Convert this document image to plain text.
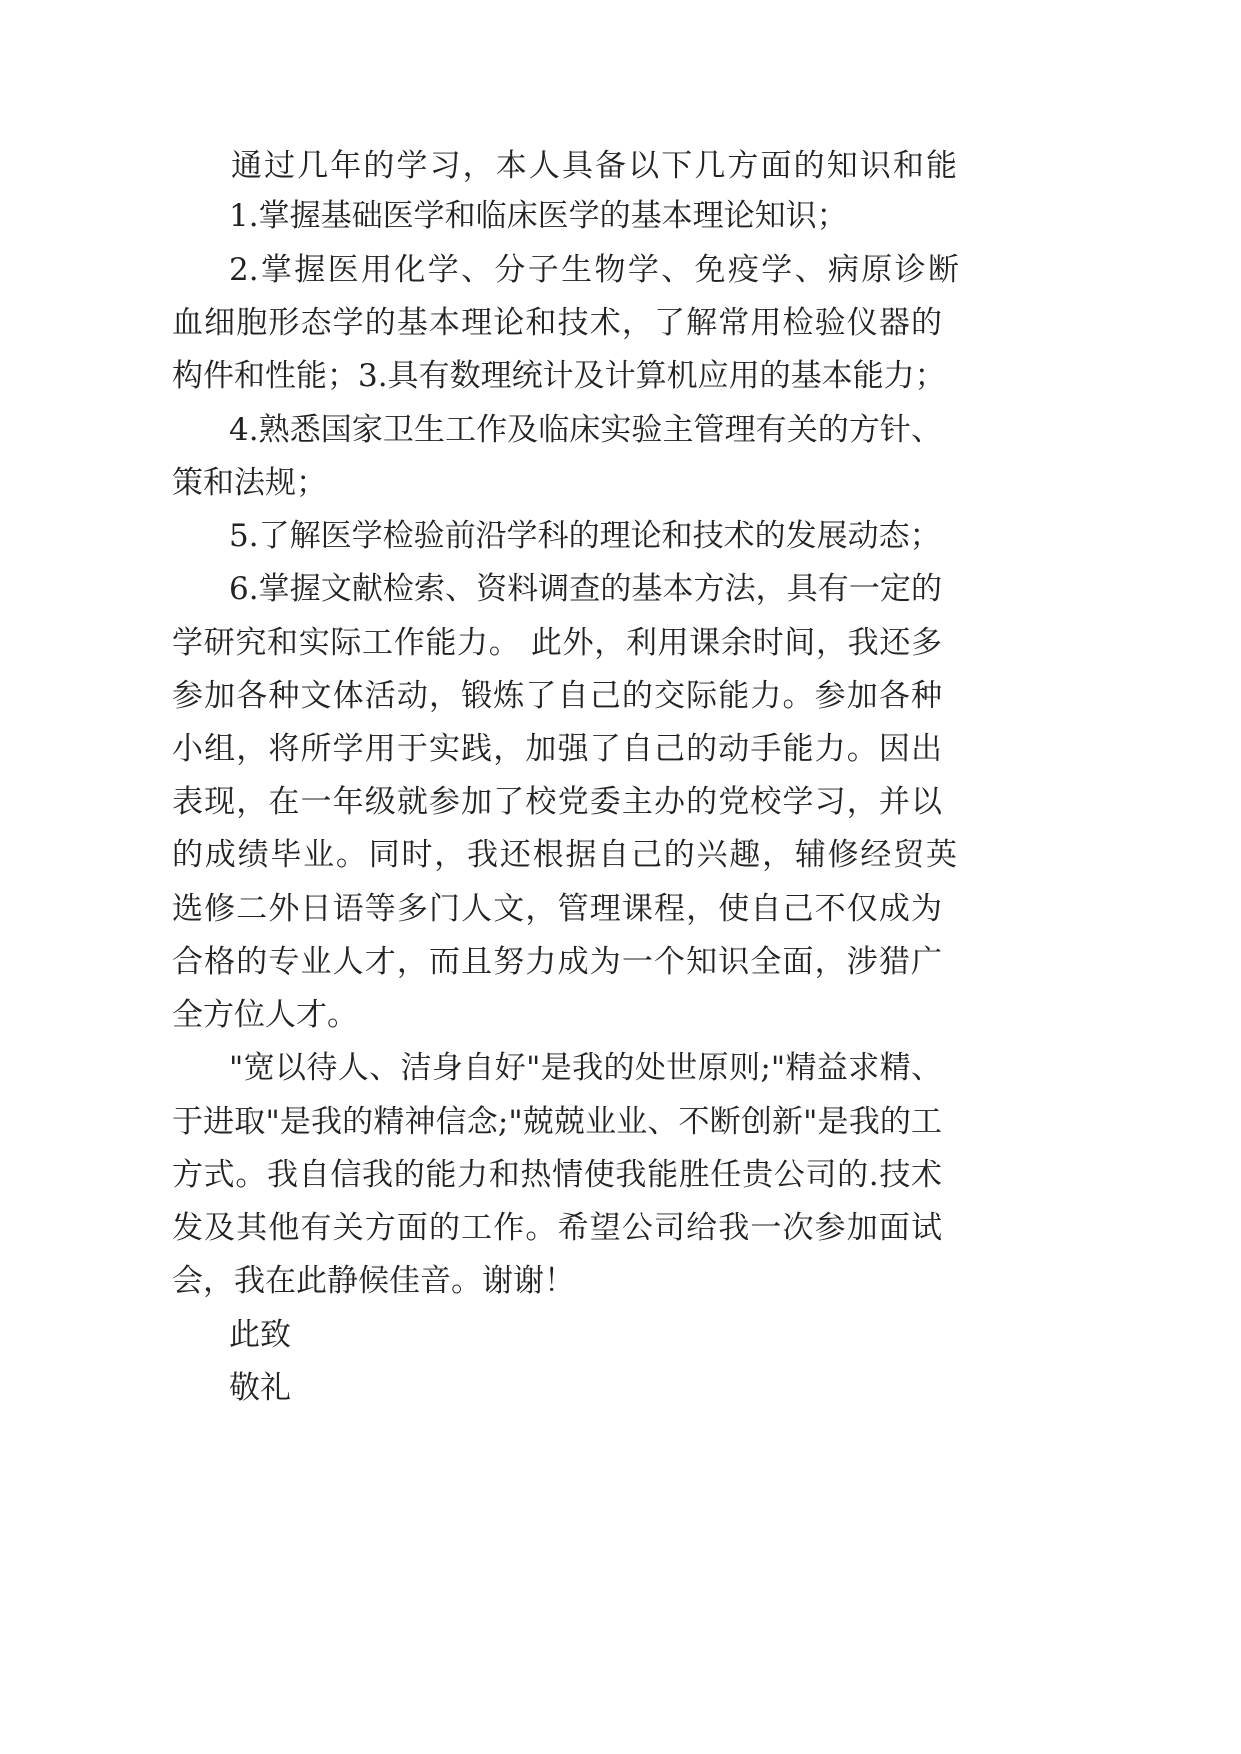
通过几年的学习，本人具备以下几方面的知识和能

1.掌握基础医学和临床医学的基本理论知识；

2.掌握医用化学、分子生物学、免疫学、病原诊断

血细胞形态学的基本理论和技术，了解常用检验仪器的

构件和性能；3.具有数理统计及计算机应用的基本能力；

4.熟悉国家卫生工作及临床实验主管理有关的方针、

策和法规；

5.了解医学检验前沿学科的理论和技术的发展动态；

6.掌握文献检索、资料调查的基本方法，具有一定的

学研究和实际工作能力。 此外，利用课余时间，我还多

参加各种文体活动，锻炼了自己的交际能力。参加各种

小组，将所学用于实践，加强了自己的动手能力。因出

表现，在一年级就参加了校党委主办的党校学习，并以

的成绩毕业。同时，我还根据自己的兴趣，辅修经贸英

选修二外日语等多门人文，管理课程，使自己不仅成为

合格的专业人才，而且努力成为一个知识全面，涉猎广

全方位人才。

"宽以待人、洁身自好"是我的处世原则;"精益求精、

于进取"是我的精神信念;"兢兢业业、不断创新"是我的工

方式。我自信我的能力和热情使我能胜任贵公司的.技术

发及其他有关方面的工作。希望公司给我一次参加面试

会，我在此静候佳音。谢谢！

此致

敬礼
